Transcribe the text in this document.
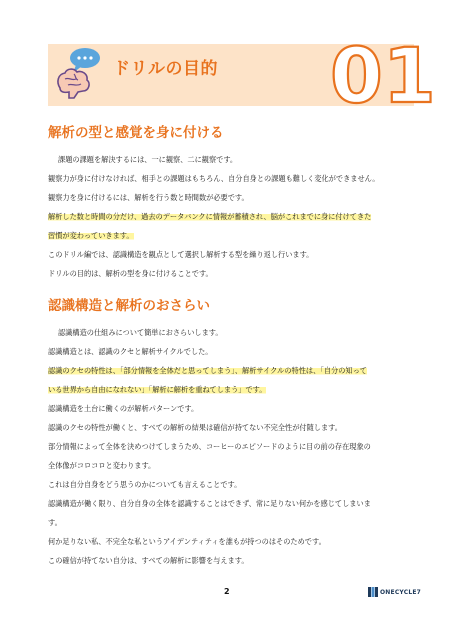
ドリルの目的 01
解析の型と感覚を身に付ける
課題の課題を解決するには、一に観察、二に観察です。
観察力が身に付けなければ、相手との課題はもちろん、自分自身との課題も難しく変化ができません。
観察力を身に付けるには、解析を行う数と時間数が必要です。
解析した数と時間の分だけ、過去のデータバンクに情報が蓄積され、脳がこれまでに身に付けてきた
習慣が変わっていきます。
このドリル編では、認識構造を観点として選択し解析する型を繰り返し行います。
ドリルの目的は、解析の型を身に付けることです。
認識構造と解析のおさらい
認識構造の仕組みについて簡単におさらいします。
認識構造とは、認識のクセと解析サイクルでした。
認識のクセの特性は、「部分情報を全体だと思ってしまう」、解析サイクルの特性は、「自分の知って
いる世界から自由になれない」「解析に解析を重ねてしまう」です。
認識構造を土台に働くのが解析パターンです。
認識のクセの特性が働くと、すべての解析の結果は確信が持てない不完全性が付随します。
部分情報によって全体を決めつけてしまうため、コーヒーのエピソードのように目の前の存在現象の
全体像がコロコロと変わります。
これは自分自身をどう思うのかについても言えることです。
認識構造が働く限り、自分自身の全体を認識することはできず、常に足りない何かを感じてしまいま
す。
何か足りない私、不完全な私というアイデンティティを誰もが持つのはそのためです。
この確信が持てない自分は、すべての解析に影響を与えます。
2	ONECYCLE7
